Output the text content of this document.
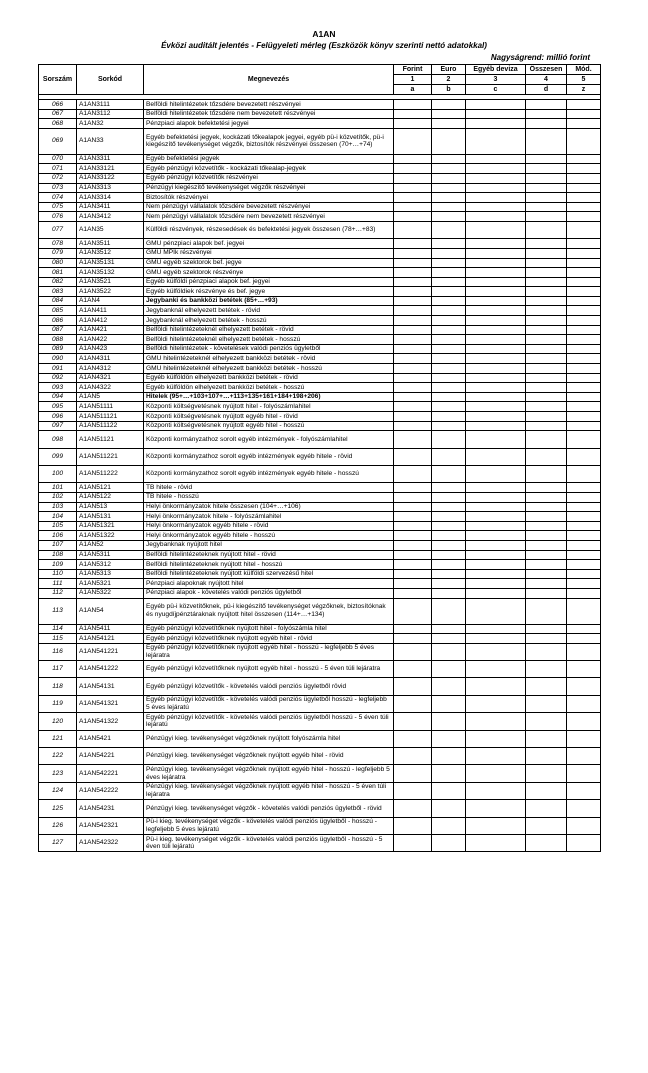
A1AN
Évközi auditált jelentés - Felügyeleti mérleg (Eszközök könyv szerinti nettó adatokkal)
Nagyságrend: millió forint
Sorszám	Sorkód	Megnevezés	Forint	Euro	Egyéb deviza	Összesen	Mód.
			1	2	3	4	5
			a	b	c	d	z

066	A1AN3111	Belföldi hitelintézetek tőzsdére bevezetett részvényei					
067	A1AN3112	Belföldi hitelintézetek tőzsdére nem bevezetett részvényei					
068	A1AN32	Pénzpiaci alapok befektetési jegyei					
069	A1AN33	Egyéb befektetési jegyek, kockázati tőkealapok jegyei, egyéb pü-i közvetítők, pü-i kiegészítő tevékenységet végzők, biztosítók részvényei összesen (70+…+74)					
070	A1AN3311	Egyéb befektetési jegyek					
071	A1AN33121	Egyéb pénzügyi közvetítők - kockázati tőkealap-jegyek					
072	A1AN33122	Egyéb pénzügyi közvetítők részvényei					
073	A1AN3313	Pénzügyi kiegészítő tevékenységet végzők részvényei					
074	A1AN3314	Biztosítók részvényei					
075	A1AN3411	Nem pénzügyi vállalatok tőzsdére bevezetett részvényei					
076	A1AN3412	Nem pénzügyi vállalatok tőzsdére nem bevezetett részvényei					
077	A1AN35	Külföldi részvények, részesedések és befektetési jegyek összesen (78+…+83)					
078	A1AN3511	GMU pénzpiaci alapok bef. jegyei					
079	A1AN3512	GMU MPIk részvényei					
080	A1AN35131	GMU egyéb szektorok bef. jegye					
081	A1AN35132	GMU egyéb szektorok részvénye					
082	A1AN3521	Egyéb külföldi pénzpiaci alapok bef. jegyei					
083	A1AN3522	Egyéb külföldiek részvénye és bef. jegye					
084	A1AN4	Jegybanki és bankközi betétek (85+…+93)					
085	A1AN411	Jegybanknál elhelyezett betétek - rövid					
086	A1AN412	Jegybanknál elhelyezett betétek - hosszú					
087	A1AN421	Belföldi hitelintézeteknél elhelyezett betétek - rövid					
088	A1AN422	Belföldi hitelintézeteknél elhelyezett betétek - hosszú					
089	A1AN423	Belföldi hitelintézetek - követelések valódi penziós ügyletből					
090	A1AN4311	GMU hitelintézeteknél elhelyezett bankközi betétek - rövid					
091	A1AN4312	GMU hitelintézeteknél elhelyezett bankközi betétek - hosszú					
092	A1AN4321	Egyéb külföldön elhelyezett bankközi betétek - rövid					
093	A1AN4322	Egyéb külföldön elhelyezett bankközi betétek - hosszú					
094	A1AN5	Hitelek (95+…+103+107+…+113+135+161+184+198+206)					
095	A1AN51111	Központi költségvetésnek nyújtott hitel - folyószámlahitel					
096	A1AN511121	Központi költségvetésnek nyújtott egyéb hitel - rövid					
097	A1AN511122	Központi költségvetésnek nyújtott egyéb hitel - hosszú					
098	A1AN51121	Központi kormányzathoz sorolt egyéb intézmények - folyószámlahitel					
099	A1AN511221	Központi kormányzathoz sorolt egyéb intézmények egyéb hitele - rövid					
100	A1AN511222	Központi kormányzathoz sorolt egyéb intézmények egyéb hitele - hosszú					
101	A1AN5121	TB hitele - rövid					
102	A1AN5122	TB hitele - hosszú					
103	A1AN513	Helyi önkormányzatok hitele összesen (104+…+106)					
104	A1AN5131	Helyi önkormányzatok hitele - folyószámlahitel					
105	A1AN51321	Helyi önkormányzatok egyéb hitele - rövid					
106	A1AN51322	Helyi önkormányzatok egyéb hitele - hosszú					
107	A1AN52	Jegybanknak nyújtott hitel					
108	A1AN5311	Belföldi hitelintézeteknek nyújtott hitel - rövid					
109	A1AN5312	Belföldi hitelintézeteknek nyújtott hitel - hosszú					
110	A1AN5313	Belföldi hitelintézeteknek nyújtott külföldi szervezésű hitel					
111	A1AN5321	Pénzpiaci alapoknak nyújtott hitel					
112	A1AN5322	Pénzpiaci alapok - követelés valódi penziós ügyletből					
113	A1AN54	Egyéb pü-i közvetítőknek, pü-i kiegészítő tevékenységet végzőknek, biztosítóknak és nyugdíjpénztáraknak nyújtott hitel összesen (114+…+134)					
114	A1AN5411	Egyéb pénzügyi közvetítőknek nyújtott hitel - folyószámla hitel					
115	A1AN54121	Egyéb pénzügyi közvetítőknek nyújtott egyéb hitel - rövid					
116	A1AN541221	Egyéb pénzügyi közvetítőknek nyújtott egyéb hitel - hosszú - legfeljebb 5 éves lejáratra					
117	A1AN541222	Egyéb pénzügyi közvetítőknek nyújtott egyéb hitel - hosszú - 5 éven túli lejáratra					
118	A1AN54131	Egyéb pénzügyi közvetítők - követelés valódi penziós ügyletből rövid					
119	A1AN541321	Egyéb pénzügyi közvetítők - követelés valódi penziós ügyletből hosszú - legfeljebb 5 éves lejáratú					
120	A1AN541322	Egyéb pénzügyi közvetítők - követelés valódi penziós ügyletből hosszú - 5 éven túli lejáratú					
121	A1AN5421	Pénzügyi kieg. tevékenységet végzőknek nyújtott folyószámla hitel					
122	A1AN54221	Pénzügyi kieg. tevékenységet végzőknek nyújtott egyéb hitel - rövid					
123	A1AN542221	Pénzügyi kieg. tevékenységet végzőknek nyújtott egyéb hitel - hosszú - legfeljebb 5 éves lejáratra					
124	A1AN542222	Pénzügyi kieg. tevékenységet végzőknek nyújtott egyéb hitel - hosszú - 5 éven túli lejáratra					
125	A1AN54231	Pénzügyi kieg. tevékenységet végzők - követelés valódi penziós ügyletből - rövid					
126	A1AN542321	Pü-i kieg. tevékenységet végzők - követelés valódi penziós ügyletből - hosszú - legfeljebb 5 éves lejáratú					
127	A1AN542322	Pü-i kieg. tevékenységet végzők - követelés valódi penziós ügyletből - hosszú - 5 éven túli lejáratú					
